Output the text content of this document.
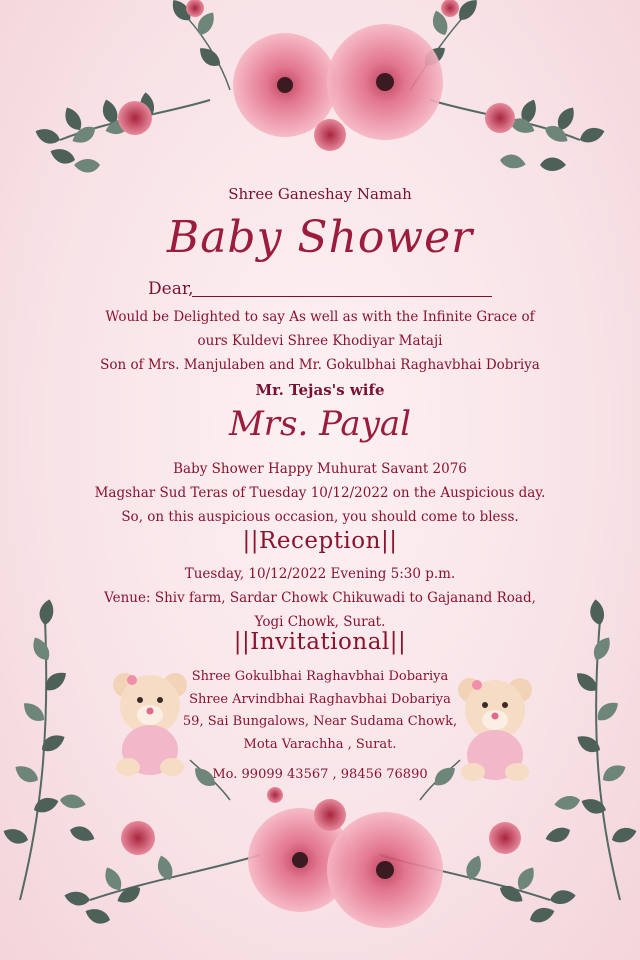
Shree Ganeshay Namah
Baby Shower
Dear,
Would be Delighted to say As well as with the Infinite Grace of
ours Kuldevi Shree Khodiyar Mataji
Son of Mrs. Manjulaben and Mr. Gokulbhai Raghavbhai Dobriya
Mr. Tejas's wife
Mrs. Payal
Baby Shower Happy Muhurat Savant 2076
Magshar Sud Teras of Tuesday 10/12/2022 on the Auspicious day.
So, on this auspicious occasion, you should come to bless.
||Reception||
Tuesday, 10/12/2022 Evening 5:30 p.m.
Venue: Shiv farm, Sardar Chowk Chikuwadi to Gajanand Road,
Yogi Chowk, Surat.
||Invitational||
Shree Gokulbhai Raghavbhai Dobariya
Shree Arvindbhai Raghavbhai Dobariya
59, Sai Bungalows, Near Sudama Chowk,
Mota Varachha , Surat.
Mo. 99099 43567 , 98456 76890
